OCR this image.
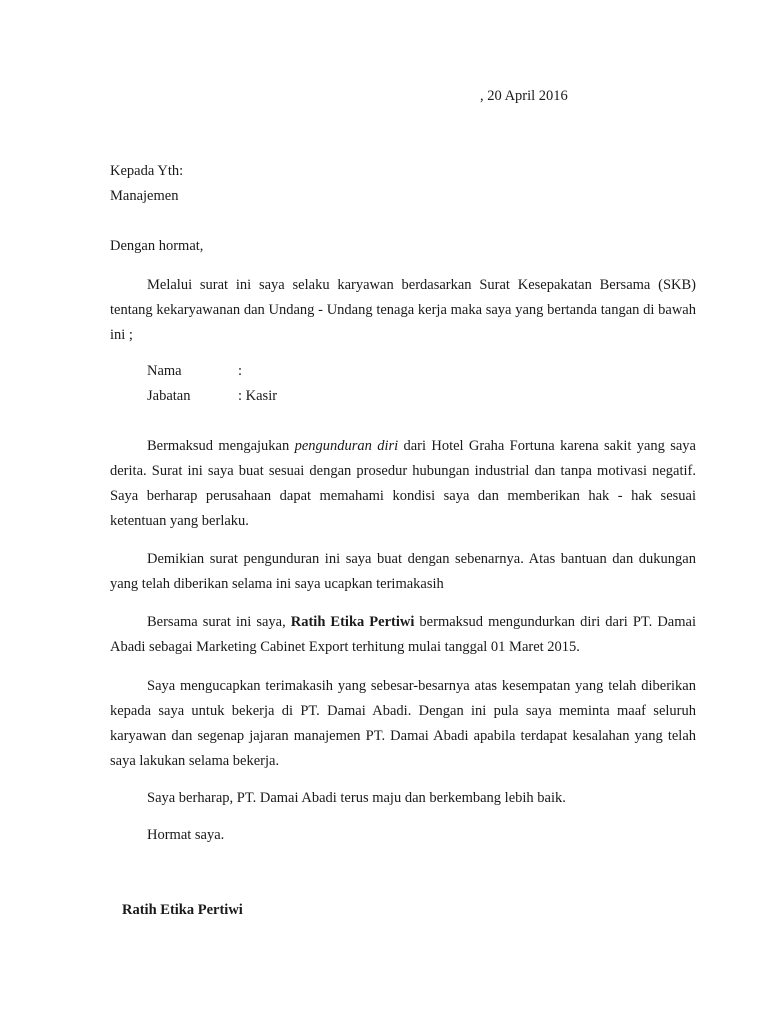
, 20 April 2016
Kepada Yth:
Manajemen
Dengan hormat,
Melalui surat ini saya selaku karyawan berdasarkan Surat Kesepakatan Bersama (SKB) tentang kekaryawanan dan Undang - Undang tenaga kerja maka saya yang bertanda tangan di bawah ini ;
Nama	:
Jabatan	: Kasir
Bermaksud mengajukan pengunduran diri dari Hotel Graha Fortuna karena sakit yang saya derita. Surat ini saya buat sesuai dengan prosedur hubungan industrial dan tanpa motivasi negatif. Saya berharap perusahaan dapat memahami kondisi saya dan memberikan hak - hak sesuai ketentuan yang berlaku.
Demikian surat pengunduran ini saya buat dengan sebenarnya. Atas bantuan dan dukungan yang telah diberikan selama ini saya ucapkan terimakasih
Bersama surat ini saya, Ratih Etika Pertiwi bermaksud mengundurkan diri dari PT. Damai Abadi sebagai Marketing Cabinet Export terhitung mulai tanggal 01 Maret 2015.
Saya mengucapkan terimakasih yang sebesar-besarnya atas kesempatan yang telah diberikan kepada saya untuk bekerja di PT. Damai Abadi. Dengan ini pula saya meminta maaf seluruh karyawan dan segenap jajaran manajemen PT. Damai Abadi apabila terdapat kesalahan yang telah saya lakukan selama bekerja.
Saya berharap, PT. Damai Abadi terus maju dan berkembang lebih baik.
Hormat saya.
Ratih Etika Pertiwi
